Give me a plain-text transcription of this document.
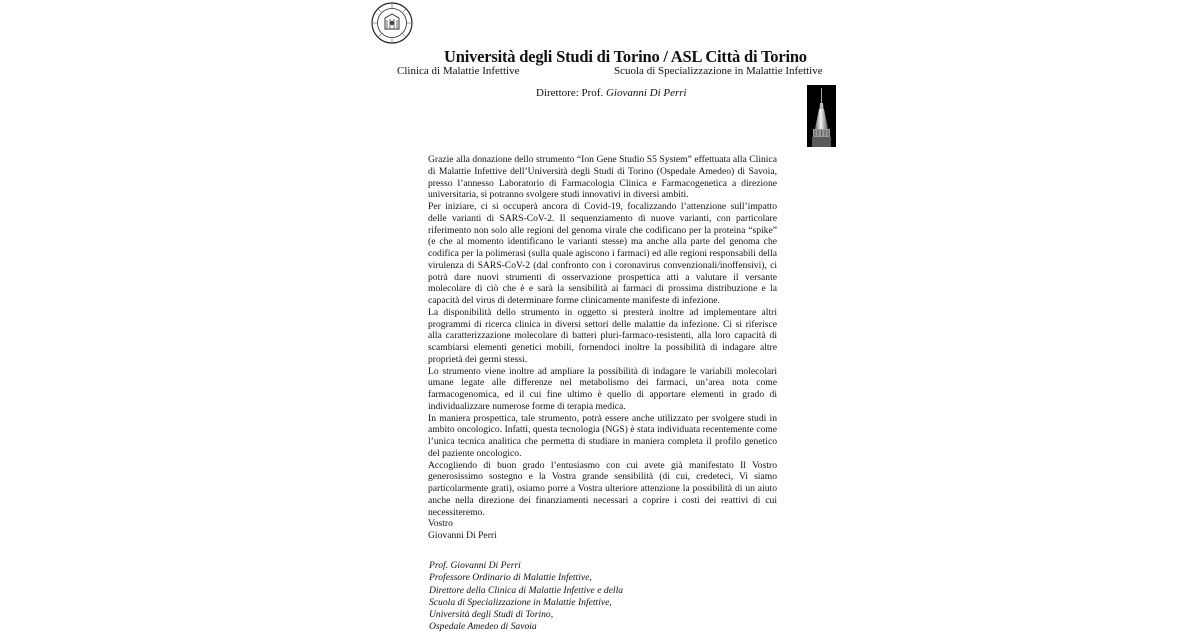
Università degli Studi di Torino / ASL Città di Torino
Clinica di Malattie Infettive	Scuola di Specializzazione in Malattie Infettive
Direttore: Prof. Giovanni Di Perri

Grazie alla donazione dello strumento “Ion Gene Studio S5 System” effettuata alla Clinica di Malattie Infettive dell’Università degli Studi di Torino (Ospedale Amedeo) di Savoia, presso l’annesso Laboratorio di Farmacologia Clinica e Farmacogenetica a direzione universitaria, si potranno svolgere studi innovativi in diversi ambiti.

Per iniziare, ci si occuperà ancora di Covid-19, focalizzando l’attenzione sull’impatto delle varianti di SARS-CoV-2. Il sequenziamento di nuove varianti, con particolare riferimento non solo alle regioni del genoma virale che codificano per la proteina “spike” (e che al momento identificano le varianti stesse) ma anche alla parte del genoma che codifica per la polimerasi (sulla quale agiscono i farmaci) ed alle regioni responsabili della virulenza di SARS-CoV-2 (dal confronto con i coronavirus convenzionali/inoffensivi), ci potrà dare nuovi strumenti di osservazione prospettica atti a valutare il versante molecolare di ciò che è e sarà la sensibilità ai farmaci di prossima distribuzione e la capacità del virus di determinare forme clinicamente manifeste di infezione.

La disponibilità dello strumento in oggetto si presterà inoltre ad implementare altri programmi di ricerca clinica in diversi settori delle malattie da infezione. Ci si riferisce alla caratterizzazione molecolare di batteri pluri-farmaco-resistenti, alla loro capacità di scambiarsi elementi genetici mobili, fornendoci inoltre la possibilità di indagare altre proprietà dei germi stessi.

Lo strumento viene inoltre ad ampliare la possibilità di indagare le variabili molecolari umane legate alle differenze nel metabolismo dei farmaci, un’area nota come farmacogenomica, ed il cui fine ultimo è quello di apportare elementi in grado di individualizzare numerose forme di terapia medica.

In maniera prospettica, tale strumento, potrà essere anche utilizzato per svolgere studi in ambito oncologico. Infatti, questa tecnologia (NGS) è stata individuata recentemente come l’unica tecnica analitica che permetta di studiare in maniera completa il profilo genetico del paziente oncologico.

Accogliendo di buon grado l’entusiasmo con cui avete già manifestato Il Vostro generosissimo sostegno e la Vostra grande sensibilità (di cui, credeteci, Vi siamo particolarmente grati), osiamo porre a Vostra ulteriore attenzione la possibilità di un aiuto anche nella direzione dei finanziamenti necessari a coprire i costi dei reattivi di cui necessiteremo.

Vostro

Giovanni Di Perri

Prof. Giovanni Di Perri
Professore Ordinario di Malattie Infettive,
Direttore della Clinica di Malattie Infettive e della
Scuola di Specializzazione in Malattie Infettive,
Università degli Studi di Torino,
Ospedale Amedeo di Savoia
